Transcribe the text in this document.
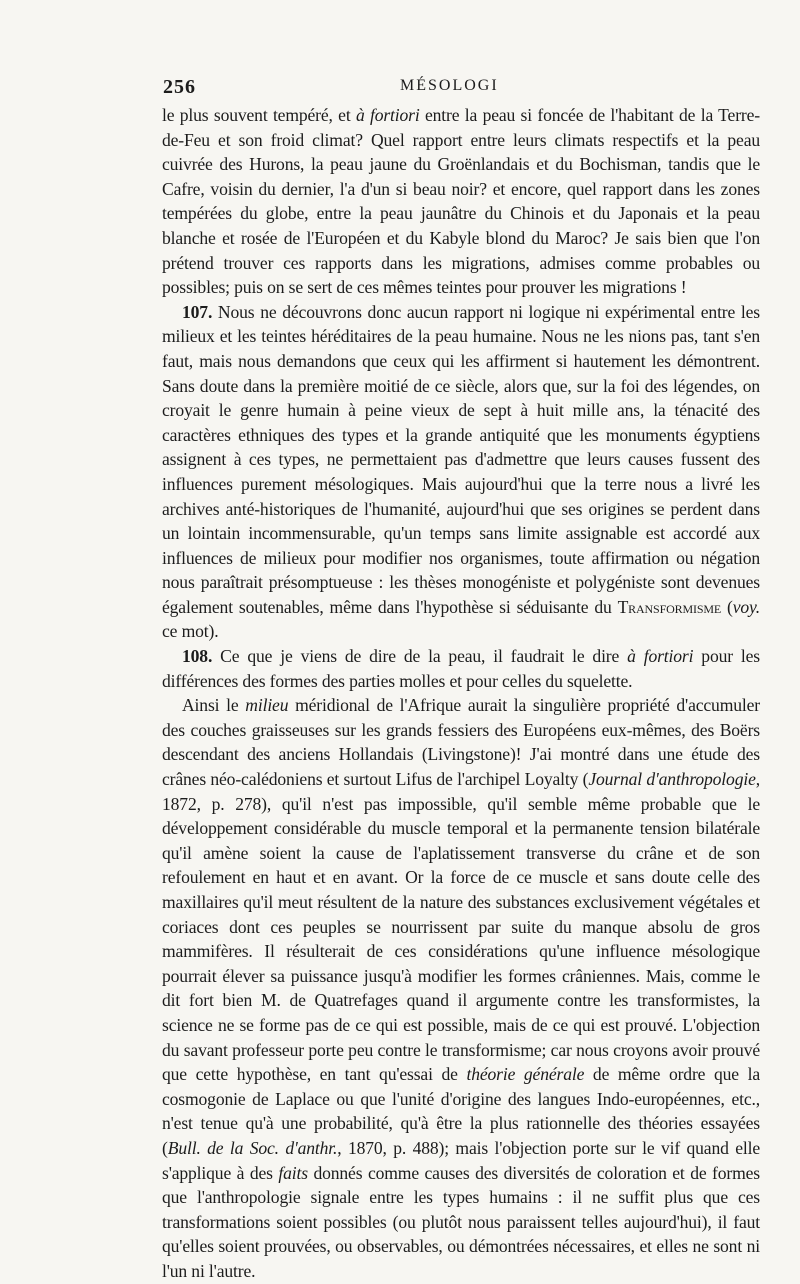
256	MÉSOLOGI

le plus souvent tempéré, et à fortiori entre la peau si foncée de l'habitant de la Terre-de-Feu et son froid climat? Quel rapport entre leurs climats respectifs et la peau cuivrée des Hurons, la peau jaune du Groënlandais et du Bochisman, tandis que le Cafre, voisin du dernier, l'a d'un si beau noir? et encore, quel rapport dans les zones tempérées du globe, entre la peau jaunâtre du Chinois et du Japonais et la peau blanche et rosée de l'Européen et du Kabyle blond du Maroc? Je sais bien que l'on prétend trouver ces rapports dans les migrations, admises comme probables ou possibles; puis on se sert de ces mêmes teintes pour prouver les migrations !

107. Nous ne découvrons donc aucun rapport ni logique ni expérimental entre les milieux et les teintes héréditaires de la peau humaine. Nous ne les nions pas, tant s'en faut, mais nous demandons que ceux qui les affirment si hautement les démontrent. Sans doute dans la première moitié de ce siècle, alors que, sur la foi des légendes, on croyait le genre humain à peine vieux de sept à huit mille ans, la ténacité des caractères ethniques des types et la grande antiquité que les monuments égyptiens assignent à ces types, ne permettaient pas d'admettre que leurs causes fussent des influences purement mésologiques. Mais aujourd'hui que la terre nous a livré les archives anté-historiques de l'humanité, aujourd'hui que ses origines se perdent dans un lointain incommensurable, qu'un temps sans limite assignable est accordé aux influences de milieux pour modifier nos organismes, toute affirmation ou négation nous paraîtrait présomptueuse : les thèses monogéniste et polygéniste sont devenues également soutenables, même dans l'hypothèse si séduisante du Transformisme (voy. ce mot).

108. Ce que je viens de dire de la peau, il faudrait le dire à fortiori pour les différences des formes des parties molles et pour celles du squelette.

Ainsi le milieu méridional de l'Afrique aurait la singulière propriété d'accumuler des couches graisseuses sur les grands fessiers des Européens eux-mêmes, des Boërs descendant des anciens Hollandais (Livingstone)! J'ai montré dans une étude des crânes néo-calédoniens et surtout Lifus de l'archipel Loyalty (Journal d'anthropologie, 1872, p. 278), qu'il n'est pas impossible, qu'il semble même probable que le développement considérable du muscle temporal et la permanente tension bilatérale qu'il amène soient la cause de l'aplatissement transverse du crâne et de son refoulement en haut et en avant. Or la force de ce muscle et sans doute celle des maxillaires qu'il meut résultent de la nature des substances exclusivement végétales et coriaces dont ces peuples se nourrissent par suite du manque absolu de gros mammifères. Il résulterait de ces considérations qu'une influence mésologique pourrait élever sa puissance jusqu'à modifier les formes crâniennes. Mais, comme le dit fort bien M. de Quatrefages quand il argumente contre les transformistes, la science ne se forme pas de ce qui est possible, mais de ce qui est prouvé. L'objection du savant professeur porte peu contre le transformisme; car nous croyons avoir prouvé que cette hypothèse, en tant qu'essai de théorie générale de même ordre que la cosmogonie de Laplace ou que l'unité d'origine des langues Indo-européennes, etc., n'est tenue qu'à une probabilité, qu'à être la plus rationnelle des théories essayées (Bull. de la Soc. d'anthr., 1870, p. 488); mais l'objection porte sur le vif quand elle s'applique à des faits donnés comme causes des diversités de coloration et de formes que l'anthropologie signale entre les types humains : il ne suffit plus que ces transformations soient possibles (ou plutôt nous paraissent telles aujourd'hui), il faut qu'elles soient prouvées, ou observables, ou démontrées nécessaires, et elles ne sont ni l'un ni l'autre.
